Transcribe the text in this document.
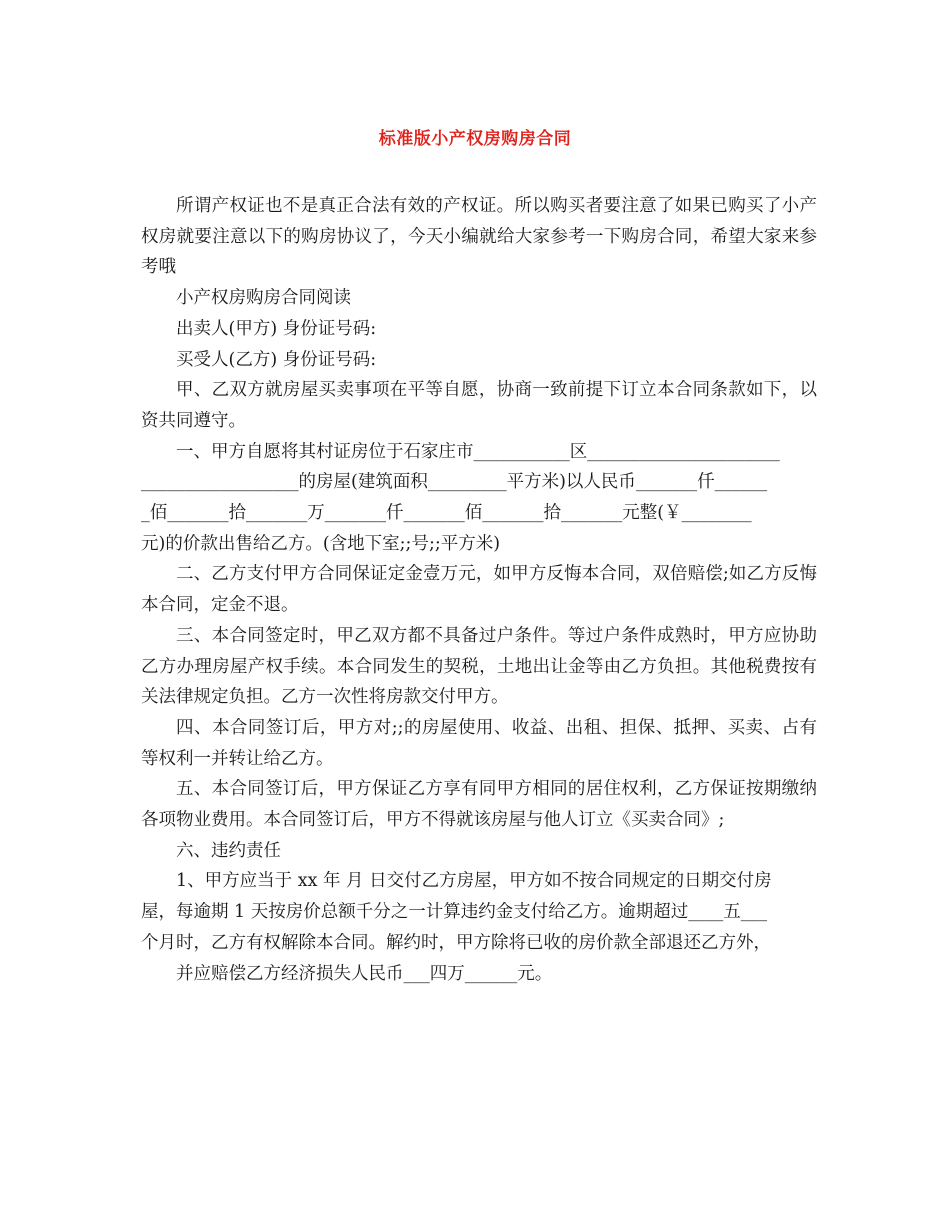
标准版小产权房购房合同

所谓产权证也不是真正合法有效的产权证。所以购买者要注意了如果已购买了小产权房就要注意以下的购房协议了，今天小编就给大家参考一下购房合同，希望大家来参考哦

小产权房购房合同阅读

出卖人(甲方) 身份证号码:

买受人(乙方) 身份证号码:

甲、乙双方就房屋买卖事项在平等自愿，协商一致前提下订立本合同条款如下，以资共同遵守。

一、甲方自愿将其村证房位于石家庄市___________区______________________
__________________的房屋(建筑面积_________平方米)以人民币_______仟______
_佰_______拾_______万_______仟_______佰_______拾_______元整(￥________
元)的价款出售给乙方。(含地下室;;号;;平方米)

二、乙方支付甲方合同保证定金壹万元，如甲方反悔本合同，双倍赔偿;如乙方反悔本合同，定金不退。

三、本合同签定时，甲乙双方都不具备过户条件。等过户条件成熟时，甲方应协助乙方办理房屋产权手续。本合同发生的契税，土地出让金等由乙方负担。其他税费按有关法律规定负担。乙方一次性将房款交付甲方。

四、本合同签订后，甲方对;;的房屋使用、收益、出租、担保、抵押、买卖、占有等权利一并转让给乙方。

五、本合同签订后，甲方保证乙方享有同甲方相同的居住权利，乙方保证按期缴纳各项物业费用。本合同签订后，甲方不得就该房屋与他人订立《买卖合同》;

六、违约责任

1、甲方应当于 xx 年 月 日交付乙方房屋，甲方如不按合同规定的日期交付房
屋，每逾期 1 天按房价总额千分之一计算违约金支付给乙方。逾期超过____五___
个月时，乙方有权解除本合同。解约时，甲方除将已收的房价款全部退还乙方外，
并应赔偿乙方经济损失人民币___四万______元。
